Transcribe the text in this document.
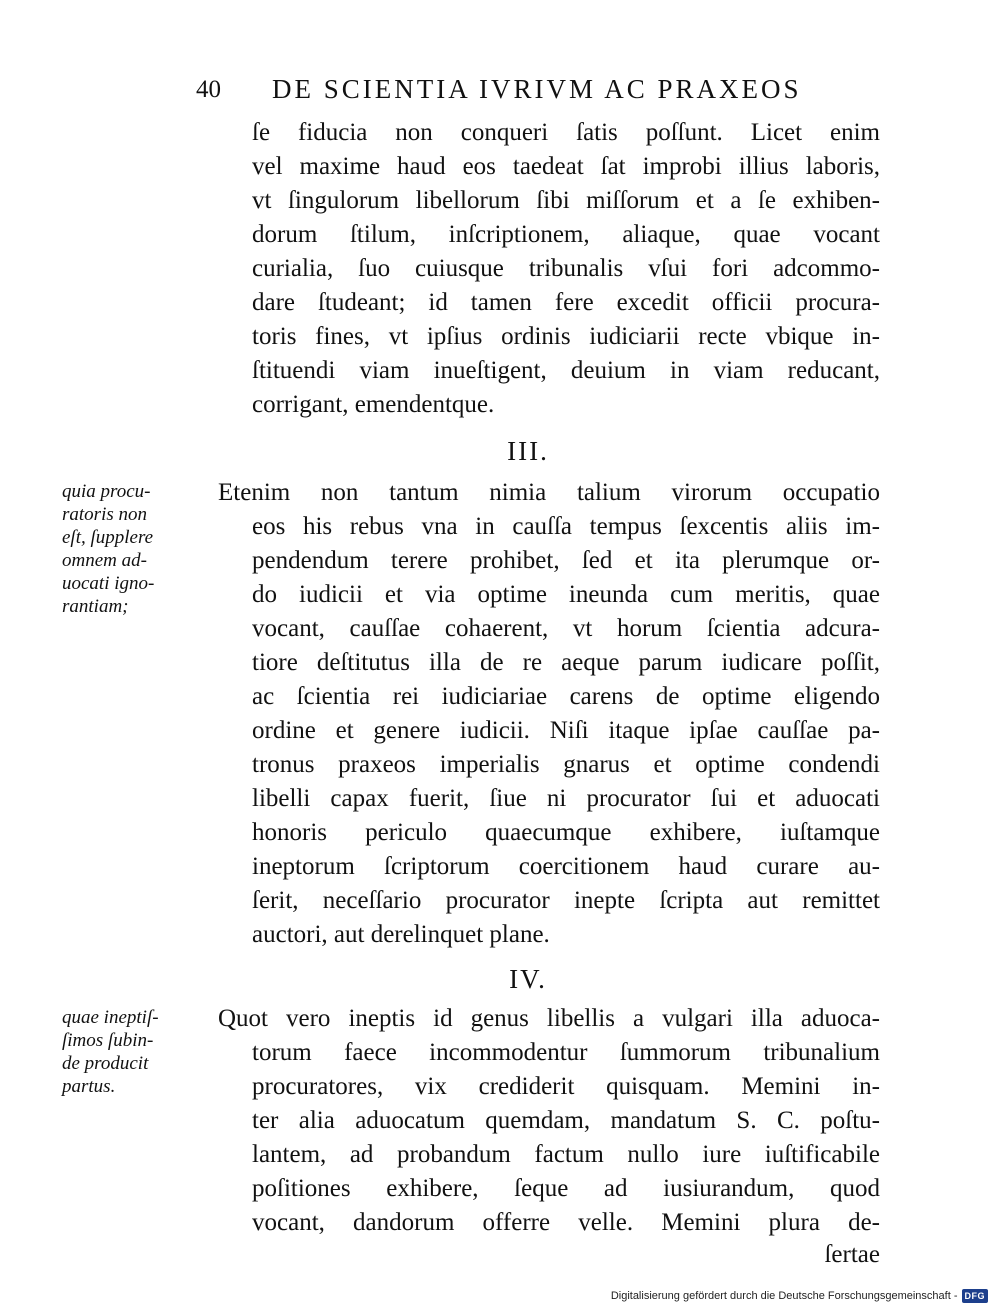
40 DE SCIENTIA IVRIVM AC PRAXEOS
ſe fiducia non conqueri ſatis poſſunt. Licet enim
vel maxime haud eos taedeat ſat improbi illius laboris,
vt ſingulorum libellorum ſibi miſſorum et a ſe exhiben-
dorum ſtilum, inſcriptionem, aliaque, quae vocant
curialia, ſuo cuiusque tribunalis vſui fori adcommo-
dare ſtudeant; id tamen fere excedit officii procura-
toris fines, vt ipſius ordinis iudiciarii recte vbique in-
ſtituendi viam inueſtigent, deuium in viam reducant,
corrigant, emendentque.
III.
quia procu-
ratoris non
eſt, ſupplere
omnem ad-
uocati igno-
rantiam;
Etenim non tantum nimia talium virorum occupatio
eos his rebus vna in cauſſa tempus ſexcentis aliis im-
pendendum terere prohibet, ſed et ita plerumque or-
do iudicii et via optime ineunda cum meritis, quae
vocant, cauſſae cohaerent, vt horum ſcientia adcura-
tiore deſtitutus illa de re aeque parum iudicare poſſit,
ac ſcientia rei iudiciariae carens de optime eligendo
ordine et genere iudicii. Niſi itaque ipſae cauſſae pa-
tronus praxeos imperialis gnarus et optime condendi
libelli capax fuerit, ſiue ni procurator ſui et aduocati
honoris periculo quaecumque exhibere, iuſtamque
ineptorum ſcriptorum coercitionem haud curare au-
ſerit, neceſſario procurator inepte ſcripta aut remittet
auctori, aut derelinquet plane.
IV.
quae ineptiſ-
ſimos ſubin-
de producit
partus.
Quot vero ineptis id genus libellis a vulgari illa aduoca-
torum faece incommodentur ſummorum tribunalium
procuratores, vix crediderit quisquam. Memini in-
ter alia aduocatum quemdam, mandatum S. C. poſtu-
lantem, ad probandum factum nullo iure iuſtificabile
poſitiones exhibere, ſeque ad iusiurandum, quod
vocant, dandorum offerre velle. Memini plura de-
ſertae
Digitalisierung gefördert durch die Deutsche Forschungsgemeinschaft - DFG
